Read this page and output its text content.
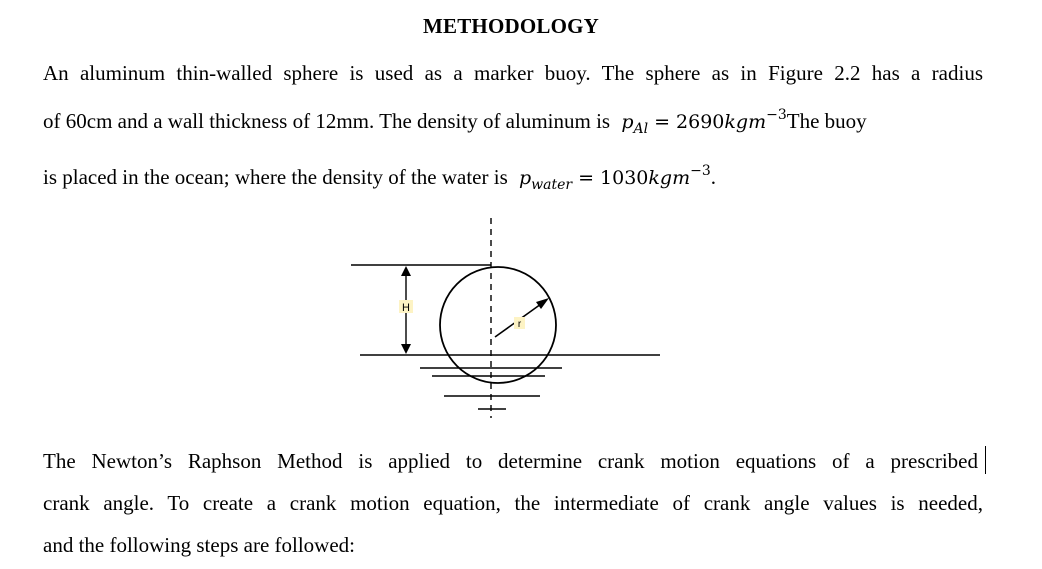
METHODOLOGY
An aluminum thin-walled sphere is used as a marker buoy. The sphere as in Figure 2.2 has a radius
of 60cm and a wall thickness of 12mm. The density of aluminum is $p_{Al} = 2690kgm^{-3}The$ buoy
is placed in the ocean; where the density of the water is $p_{water} = 1030kgm^{-3}$.
H
r
The Newton’s Raphson Method is applied to determine crank motion equations of a prescribed
crank angle. To create a crank motion equation, the intermediate of crank angle values is needed,
and the following steps are followed:
